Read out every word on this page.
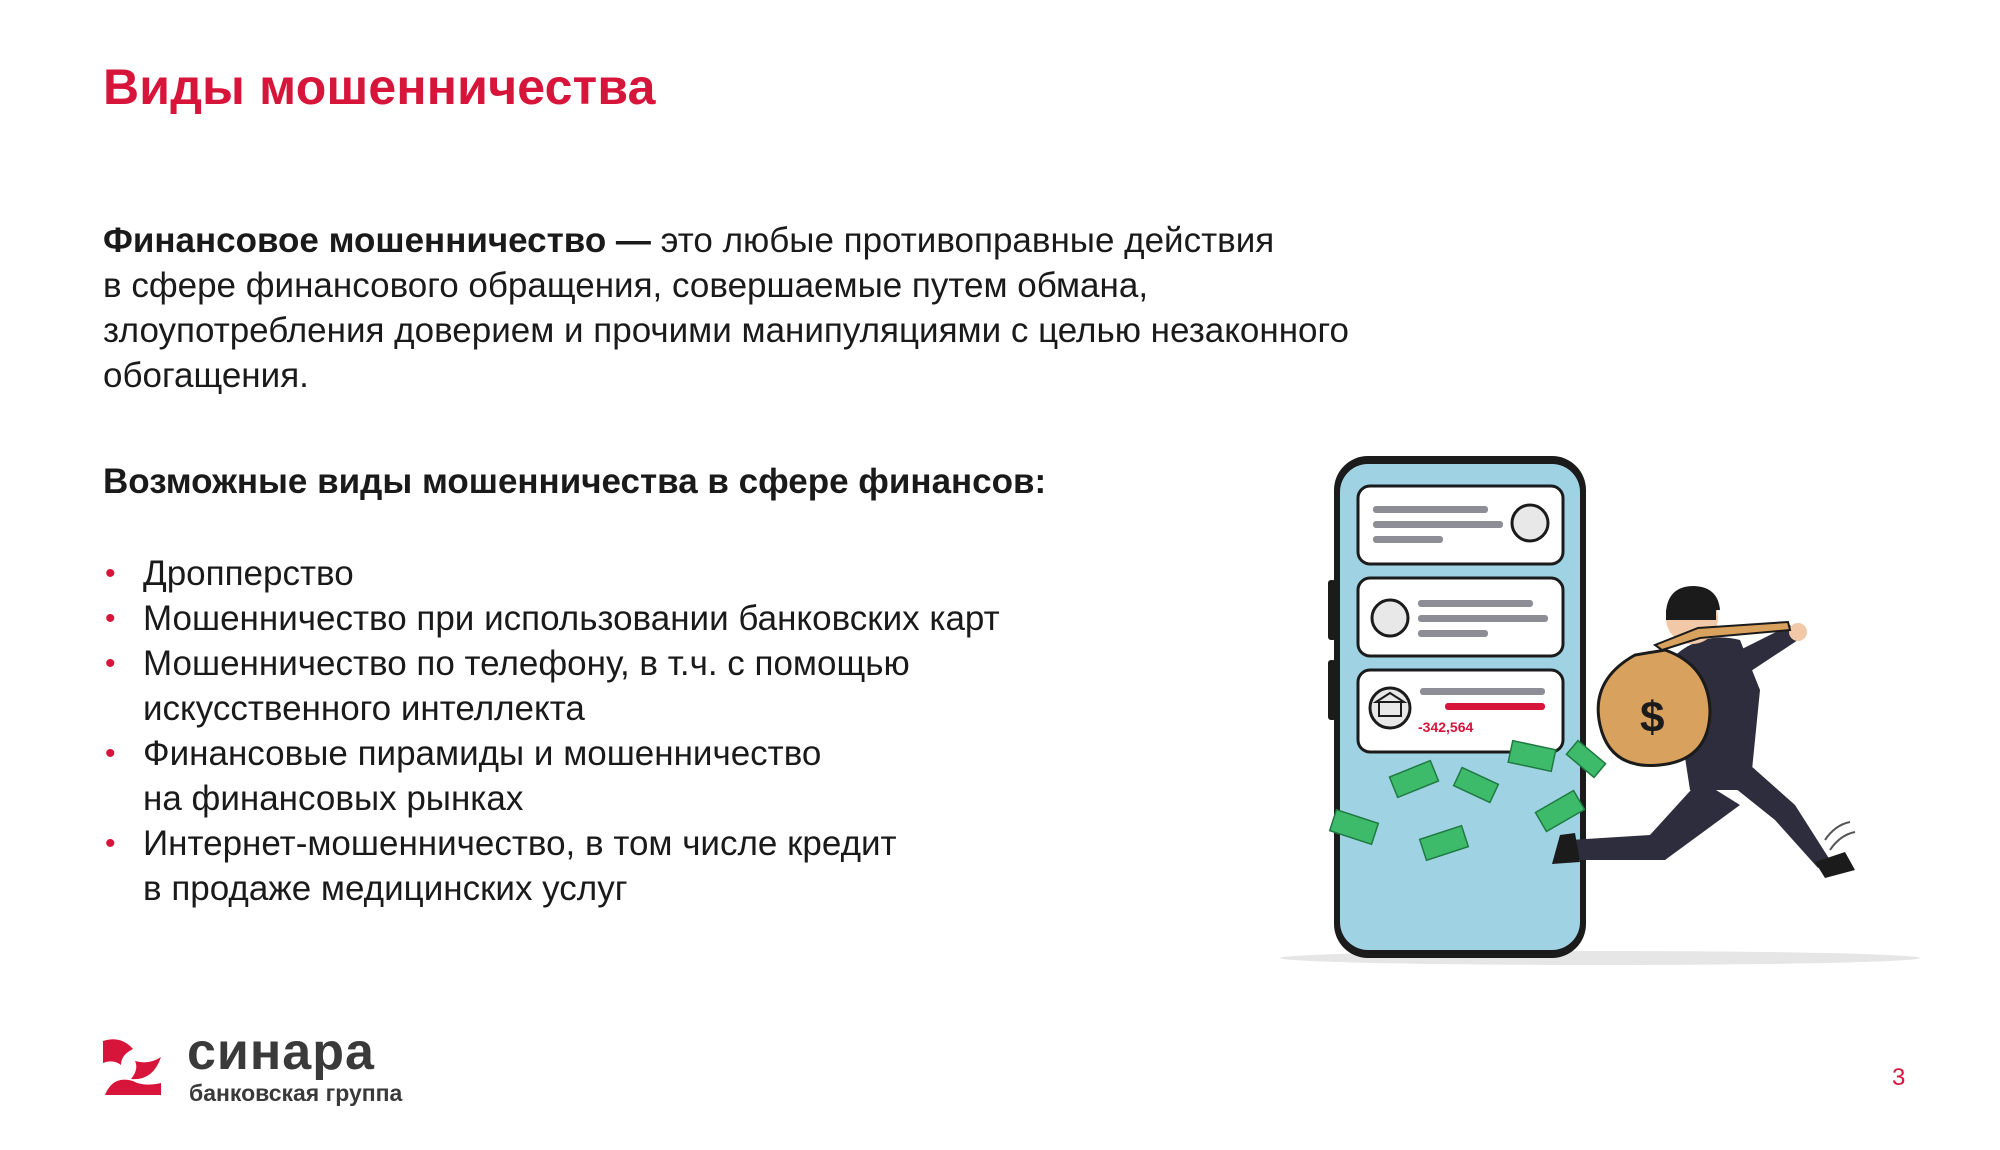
Виды мошенничества

Финансовое мошенничество — это любые противоправные действия
в сфере финансового обращения, совершаемые путем обмана,
злоупотребления доверием и прочими манипуляциями с целью незаконного
обогащения.

Возможные виды мошенничества в сфере финансов:

• Дропперство
• Мошенничество при использовании банковских карт
• Мошенничество по телефону, в т.ч. с помощью
искусственного интеллекта
• Финансовые пирамиды и мошенничество
на финансовых рынках
• Интернет-мошенничество, в том числе кредит
в продаже медицинских услуг
-342,564	$
синара
банковская группа
3
